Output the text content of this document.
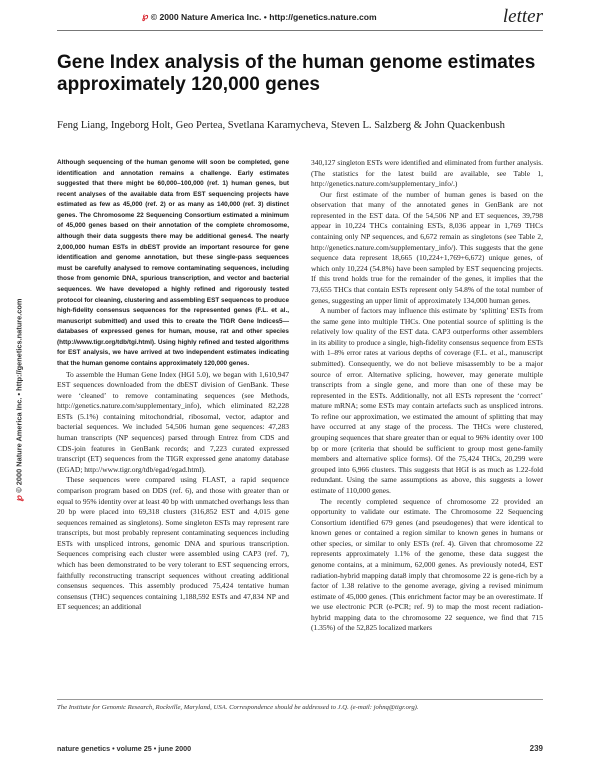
℘ © 2000 Nature America Inc. • http://genetics.nature.com	letter
Gene Index analysis of the human genome estimates approximately 120,000 genes
Feng Liang, Ingeborg Holt, Geo Pertea, Svetlana Karamycheva, Steven L. Salzberg & John Quackenbush
℘
© 2000 Nature America Inc. • http://genetics.nature.com

Although sequencing of the human genome will soon be completed, gene identification and annotation remains a challenge. Early estimates suggested that there might be 60,000–100,000 (ref. 1) human genes, but recent analyses of the available data from EST sequencing projects have estimated as few as 45,000 (ref. 2) or as many as 140,000 (ref. 3) distinct genes. The Chromosome 22 Sequencing Consortium estimated a minimum of 45,000 genes based on their annotation of the complete chromosome, although their data suggests there may be additional genes4. The nearly 2,000,000 human ESTs in dbEST provide an important resource for gene identification and genome annotation, but these single-pass sequences must be carefully analysed to remove contaminating sequences, including those from genomic DNA, spurious transcription, and vector and bacterial sequences. We have developed a highly refined and rigorously tested protocol for cleaning, clustering and assembling EST sequences to produce high-fidelity consensus sequences for the represented genes (F.L. et al., manuscript submitted) and used this to create the TIGR Gene Indices5—databases of expressed genes for human, mouse, rat and other species (http://www.tigr.org/tdb/tgi.html). Using highly refined and tested algorithms for EST analysis, we have arrived at two independent estimates indicating that the human genome contains approximately 120,000 genes.

To assemble the Human Gene Index (HGI 5.0), we began with 1,610,947 EST sequences downloaded from the dbEST division of GenBank. These were ‘cleaned’ to remove contaminating sequences (see Methods, http://genetics.nature.com/supplementary_info), which eliminated 82,228 ESTs (5.1%) containing mitochondrial, ribosomal, vector, adaptor and bacterial sequences. We included 54,506 human gene sequences: 47,283 human transcripts (NP sequences) parsed through Entrez from CDS and CDS-join features in GenBank records; and 7,223 curated expressed transcript (ET) sequences from the TIGR expressed gene anatomy database (EGAD; http://www.tigr.org/tdb/egad/egad.html).

These sequences were compared using FLAST, a rapid sequence comparison program based on DDS (ref. 6), and those with greater than or equal to 95% identity over at least 40 bp with unmatched overhangs less than 20 bp were placed into 69,318 clusters (316,852 EST and 4,015 gene sequences remained as singletons). Some singleton ESTs may represent rare transcripts, but most probably represent contaminating sequences including ESTs with unspliced introns, genomic DNA and spurious transcription. Sequences comprising each cluster were assembled using CAP3 (ref. 7), which has been demonstrated to be very tolerant to EST sequencing errors, faithfully reconstructing transcript sequences without creating additional consensus sequences. This assembly produced 75,424 tentative human consensus (THC) sequences containing 1,188,592 ESTs and 47,834 NP and ET sequences; an additional

340,127 singleton ESTs were identified and eliminated from further analysis. (The statistics for the latest build are available, see Table 1, http://genetics.nature.com/supplementary_info/.)

Our first estimate of the number of human genes is based on the observation that many of the annotated genes in GenBank are not represented in the EST data. Of the 54,506 NP and ET sequences, 39,798 appear in 10,224 THCs containing ESTs, 8,036 appear in 1,769 THCs containing only NP sequences, and 6,672 remain as singletons (see Table 2, http://genetics.nature.com/supplementary_info/). This suggests that the gene sequence data represent 18,665 (10,224+1,769+6,672) unique genes, of which only 10,224 (54.8%) have been sampled by EST sequencing projects. If this trend holds true for the remainder of the genes, it implies that the 73,655 THCs that contain ESTs represent only 54.8% of the total number of genes, suggesting an upper limit of approximately 134,000 human genes.

A number of factors may influence this estimate by ‘splitting’ ESTs from the same gene into multiple THCs. One potential source of splitting is the relatively low quality of the EST data. CAP3 outperforms other assemblers in its ability to produce a single, high-fidelity consensus sequence from ESTs with 1–8% error rates at various depths of coverage (F.L. et al., manuscript submitted). Consequently, we do not believe misassembly to be a major source of error. Alternative splicing, however, may generate multiple transcripts from a single gene, and more than one of these may be represented in the ESTs. Additionally, not all ESTs represent the ‘correct’ mature mRNA; some ESTs may contain artefacts such as unspliced introns. To refine our approximation, we estimated the amount of splitting that may have occurred at any stage of the process. The THCs were clustered, grouping sequences that share greater than or equal to 96% identity over 100 bp or more (criteria that should be sufficient to group most gene-family members and alternative splice forms). Of the 75,424 THCs, 20,299 were grouped into 6,966 clusters. This suggests that HGI is as much as 1.22-fold redundant. Using the same assumptions as above, this suggests a lower estimate of 110,000 genes.

The recently completed sequence of chromosome 22 provided an opportunity to validate our estimate. The Chromosome 22 Sequencing Consortium identified 679 genes (and pseudogenes) that were identical to known genes or contained a region similar to known genes in humans or other species, or similar to only ESTs (ref. 4). Given that chromosome 22 represents approximately 1.1% of the genome, these data suggest the genome contains, at a minimum, 62,000 genes. As previously noted4, EST radiation-hybrid mapping data8 imply that chromosome 22 is gene-rich by a factor of 1.38 relative to the genome average, giving a revised minimum estimate of 45,000 genes. (This enrichment factor may be an overestimate. If we use electronic PCR (e-PCR; ref. 9) to map the most recent radiation-hybrid mapping data to the chromosome 22 sequence, we find that 715 (1.35%) of the 52,825 localized markers

The Institute for Genomic Research, Rockville, Maryland, USA. Correspondence should be addressed to J.Q. (e-mail: johnq@tigr.org).
nature genetics • volume 25 • june 2000	239
